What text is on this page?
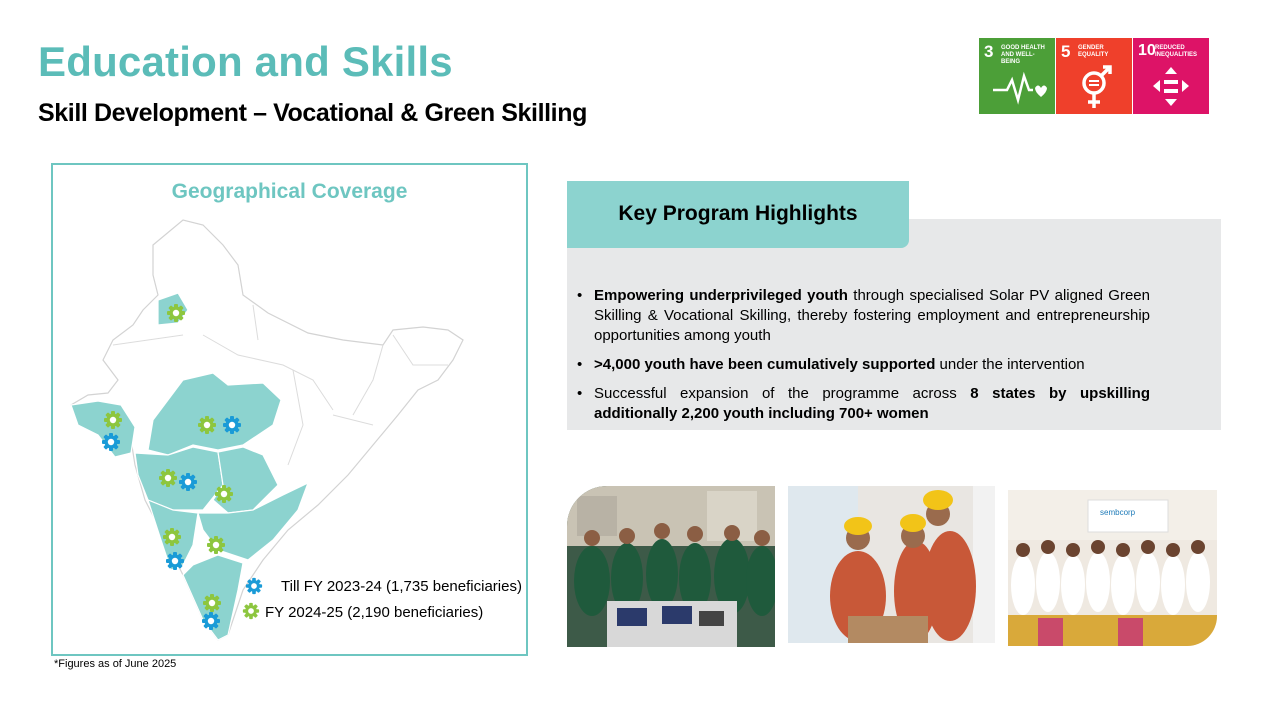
Education and Skills
Skill Development – Vocational & Green Skilling
3 GOOD HEALTH AND WELL-BEING
5 GENDER EQUALITY	10 REDUCED INEQUALITIES
Geographical Coverage
Till FY 2023-24 (1,735 beneficiaries)
FY 2024-25 (2,190 beneficiaries)
*Figures as of June 2025
Key Program Highlights
• Empowering underprivileged youth through specialised Solar PV aligned Green Skilling & Vocational Skilling, thereby fostering employment and entrepreneurship opportunities among youth
• >4,000 youth have been cumulatively supported under the intervention
• Successful expansion of the programme across 8 states by upskilling additionally 2,200 youth including 700+ women
sembcorp
